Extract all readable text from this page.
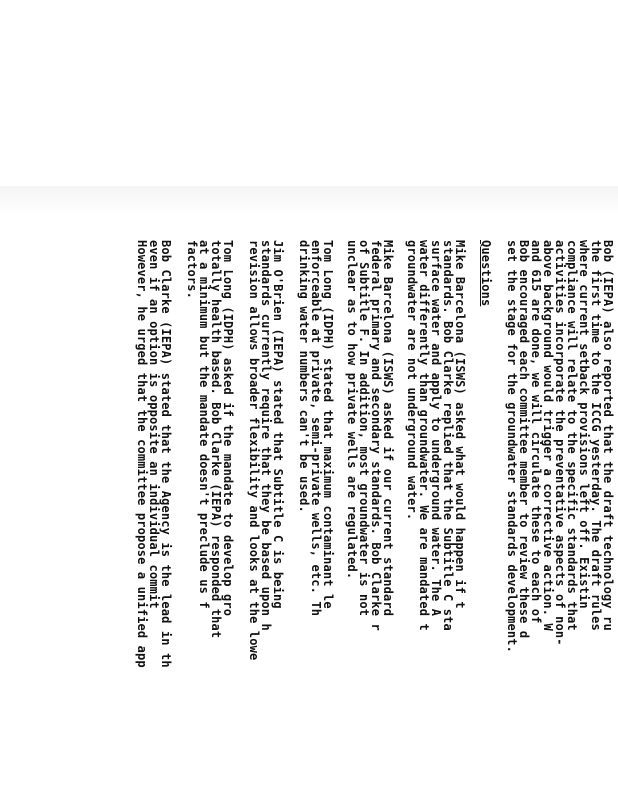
Bob (IEPA) also reported that the draft technology ru
the first time to the ICCG yesterday. The draft rules
where current setback provisions left off. Existin
compliance will relate to the specific standards that
activities incorporate the preventative aspects of non-
above background would trigger a corrective action. W
and 615 are done, we will circulate these to each of
Bob encouraged each committee member to review these d
set the stage for the groundwater standards development.
Questions
Mike Barcelona (ISWS) asked what would happen if t
standards. Bob Clarke replied that the Subtitle C sta
surface water and apply to underground water. The A
water differently than groundwater. We are mandated t
groundwater are not underground water.
Mike Barcelona (ISWS) asked if our current standard
federal primary and secondary standards. Bob Clarke r
of Subtitle F. In addition, most groundwater is not
unclear as to how private wells are regulated.
Tom Long (IDPH) stated that maximum contaminant le
enforceable at private, semi-private wells, etc. Th
drinking water numbers can't be used.
Jim O'Brien (IEPA) stated that Subtitle C is being
standards currently require that they be based upon h
revision allows broader flexibility and looks at the lowe
Tom Long (IDPH) asked if the mandate to develop gro
totally health based. Bob Clarke (IEPA) responded that
at a minimum but the mandate doesn't preclude us f
factors.
Bob Clarke (IEPA) stated that the Agency is the lead in th
even if an option is opposite an individual commit
However, he urged that the committee propose a unified app
